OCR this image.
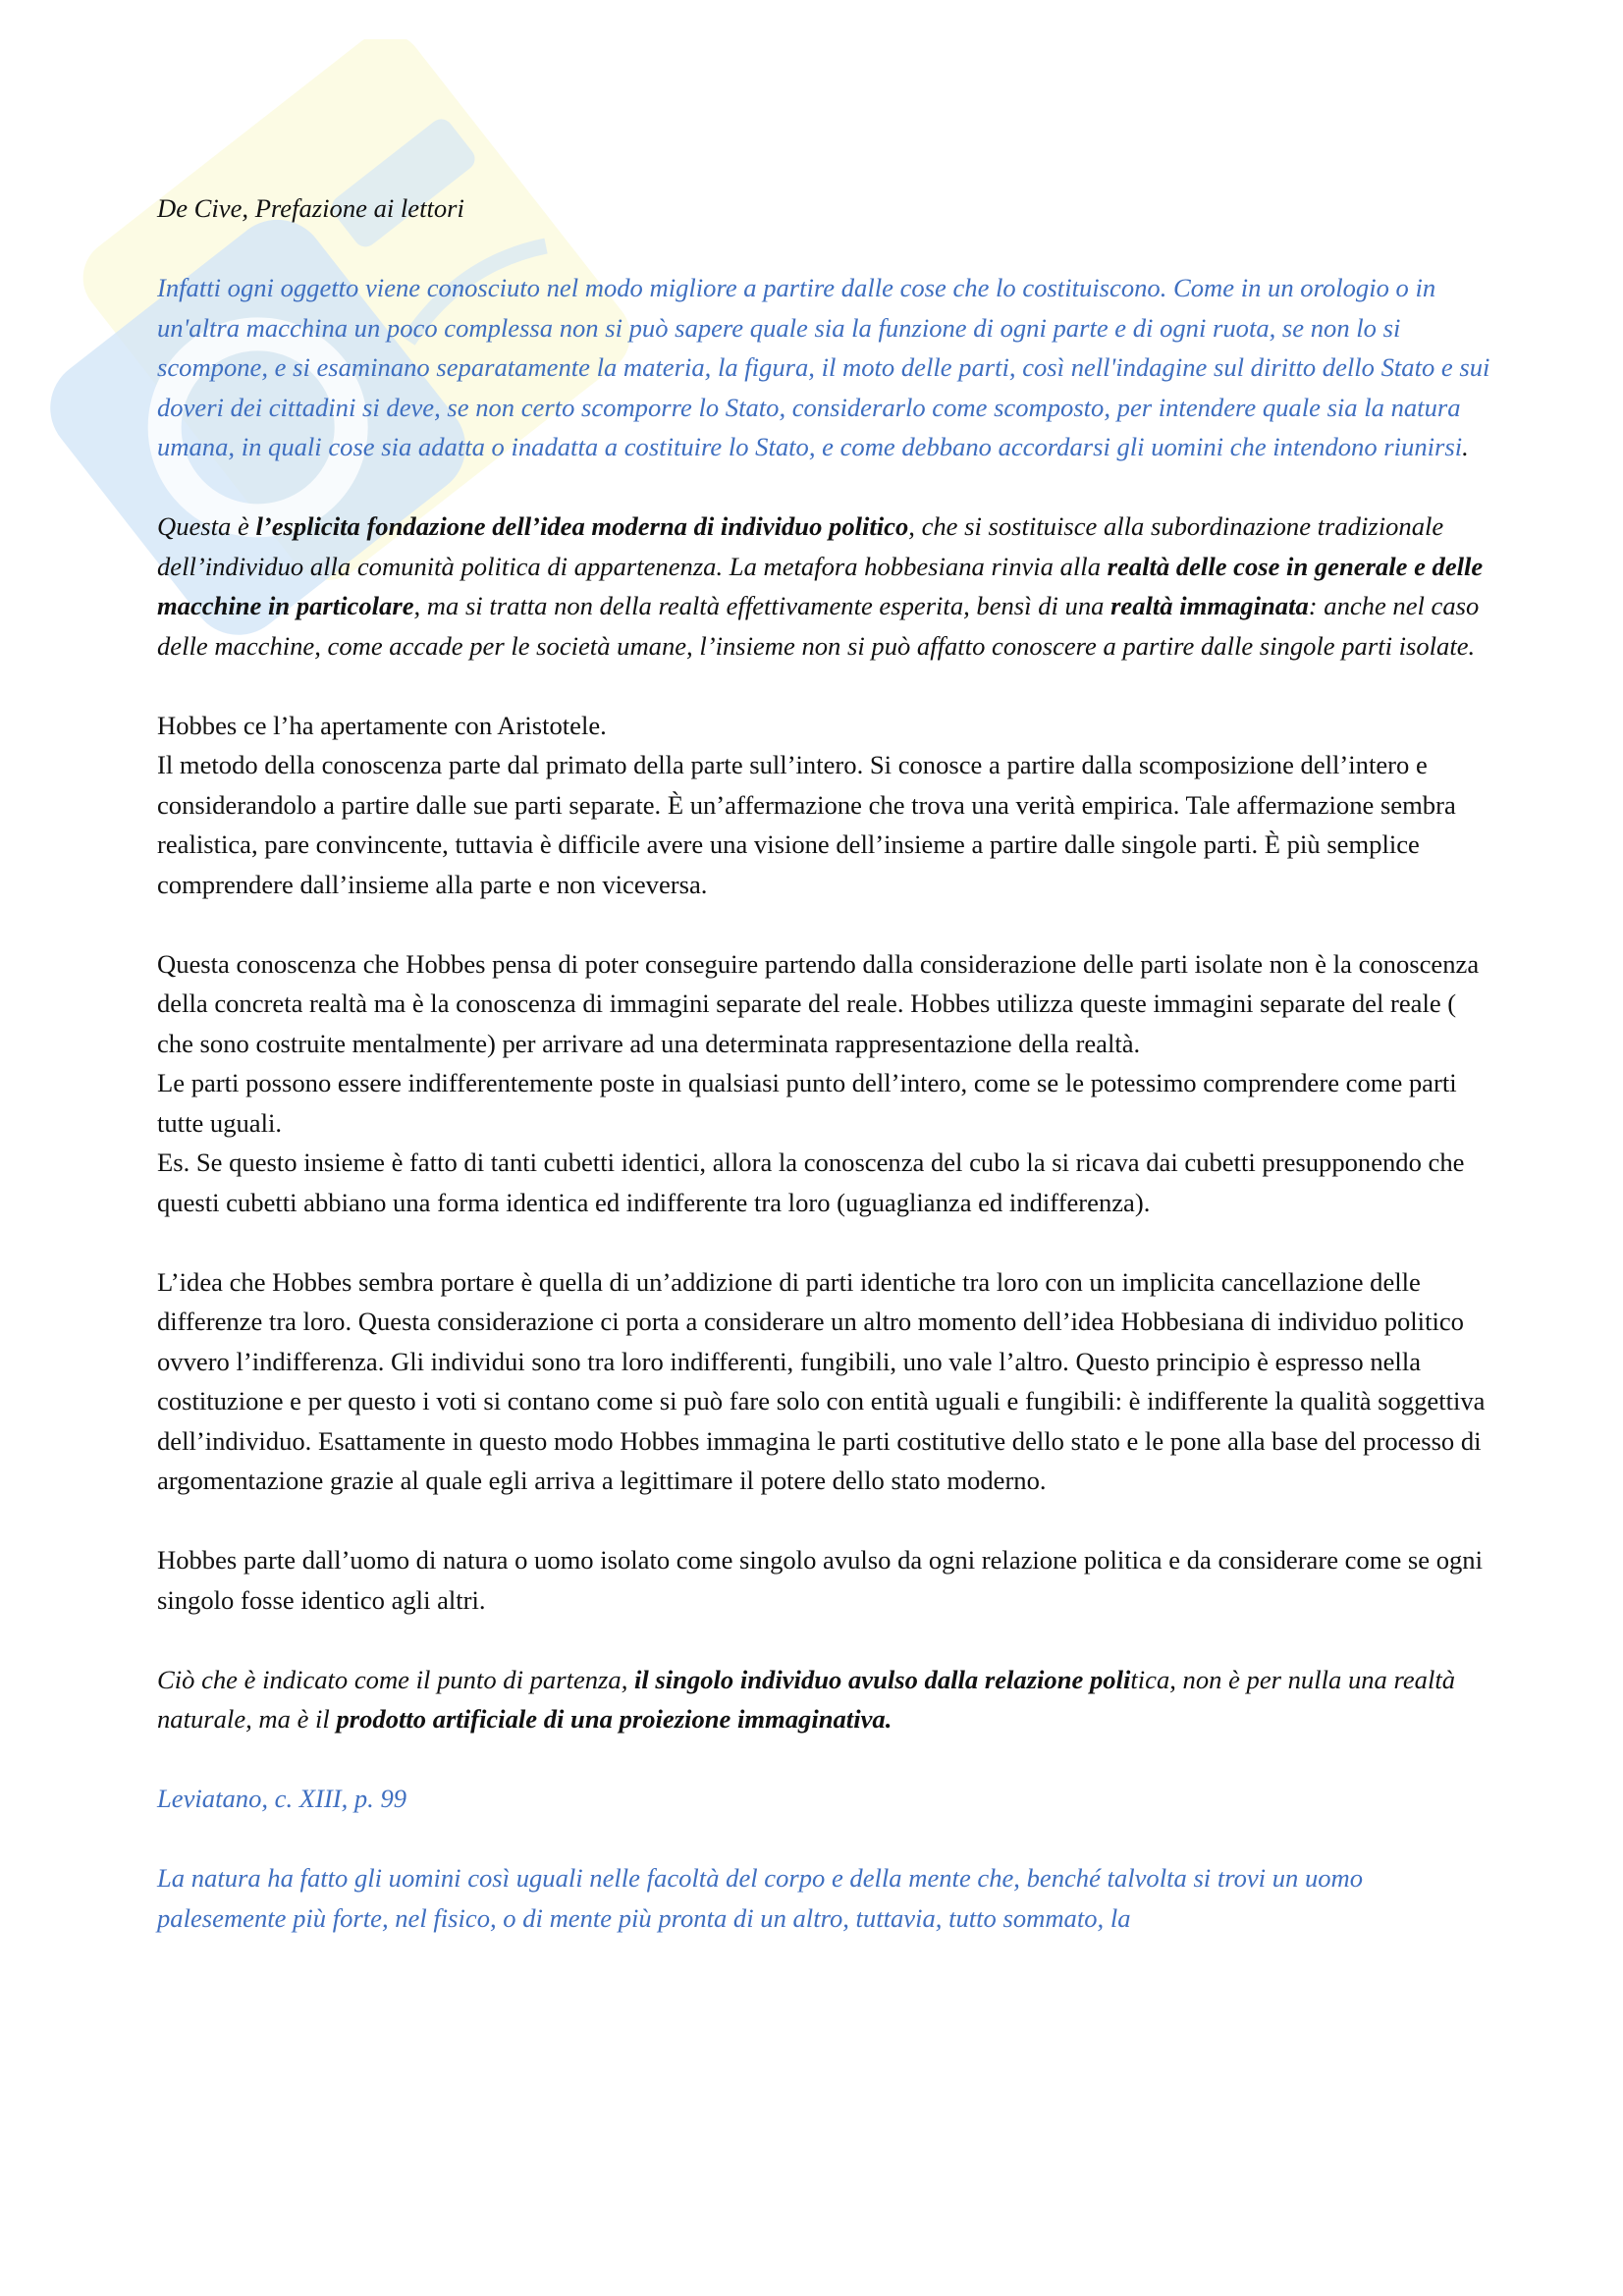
De Cive, Prefazione ai lettori

Infatti ogni oggetto viene conosciuto nel modo migliore a partire dalle cose che lo costituiscono. Come in un orologio o in un'altra macchina un poco complessa non si può sapere quale sia la funzione di ogni parte e di ogni ruota, se non lo si scompone, e si esaminano separatamente la materia, la figura, il moto delle parti, così nell'indagine sul diritto dello Stato e sui doveri dei cittadini si deve, se non certo scomporre lo Stato, considerarlo come scomposto, per intendere quale sia la natura umana, in quali cose sia adatta o inadatta a costituire lo Stato, e come debbano accordarsi gli uomini che intendono riunirsi.

Questa è l’esplicita fondazione dell’idea moderna di individuo politico, che si sostituisce alla subordinazione tradizionale dell’individuo alla comunità politica di appartenenza. La metafora hobbesiana rinvia alla realtà delle cose in generale e delle macchine in particolare, ma si tratta non della realtà effettivamente esperita, bensì di una realtà immaginata: anche nel caso delle macchine, come accade per le società umane, l’insieme non si può affatto conoscere a partire dalle singole parti isolate.

Hobbes ce l’ha apertamente con Aristotele.

Il metodo della conoscenza parte dal primato della parte sull’intero. Si conosce a partire dalla scomposizione dell’intero e considerandolo a partire dalle sue parti separate. È un’affermazione che trova una verità empirica. Tale affermazione sembra realistica, pare convincente, tuttavia è difficile avere una visione dell’insieme a partire dalle singole parti. È più semplice comprendere dall’insieme alla parte e non viceversa.

Questa conoscenza che Hobbes pensa di poter conseguire partendo dalla considerazione delle parti isolate non è la conoscenza della concreta realtà ma è la conoscenza di immagini separate del reale. Hobbes utilizza queste immagini separate del reale ( che sono costruite mentalmente) per arrivare ad una determinata rappresentazione della realtà.

Le parti possono essere indifferentemente poste in qualsiasi punto dell’intero, come se le potessimo comprendere come parti tutte uguali.

Es. Se questo insieme è fatto di tanti cubetti identici, allora la conoscenza del cubo la si ricava dai cubetti presupponendo che questi cubetti abbiano una forma identica ed indifferente tra loro (uguaglianza ed indifferenza).

L’idea che Hobbes sembra portare è quella di un’addizione di parti identiche tra loro con un implicita cancellazione delle differenze tra loro. Questa considerazione ci porta a considerare un altro momento dell’idea Hobbesiana di individuo politico ovvero l’indifferenza. Gli individui sono tra loro indifferenti, fungibili, uno vale l’altro. Questo principio è espresso nella costituzione e per questo i voti si contano come si può fare solo con entità uguali e fungibili: è indifferente la qualità soggettiva dell’individuo. Esattamente in questo modo Hobbes immagina le parti costitutive dello stato e le pone alla base del processo di argomentazione grazie al quale egli arriva a legittimare il potere dello stato moderno.

Hobbes parte dall’uomo di natura o uomo isolato come singolo avulso da ogni relazione politica e da considerare come se ogni singolo fosse identico agli altri.

Ciò che è indicato come il punto di partenza, il singolo individuo avulso dalla relazione politica, non è per nulla una realtà naturale, ma è il prodotto artificiale di una proiezione immaginativa.

Leviatano, c. XIII, p. 99

La natura ha fatto gli uomini così uguali nelle facoltà del corpo e della mente che, benché talvolta si trovi un uomo palesemente più forte, nel fisico, o di mente più pronta di un altro, tuttavia, tutto sommato, la
